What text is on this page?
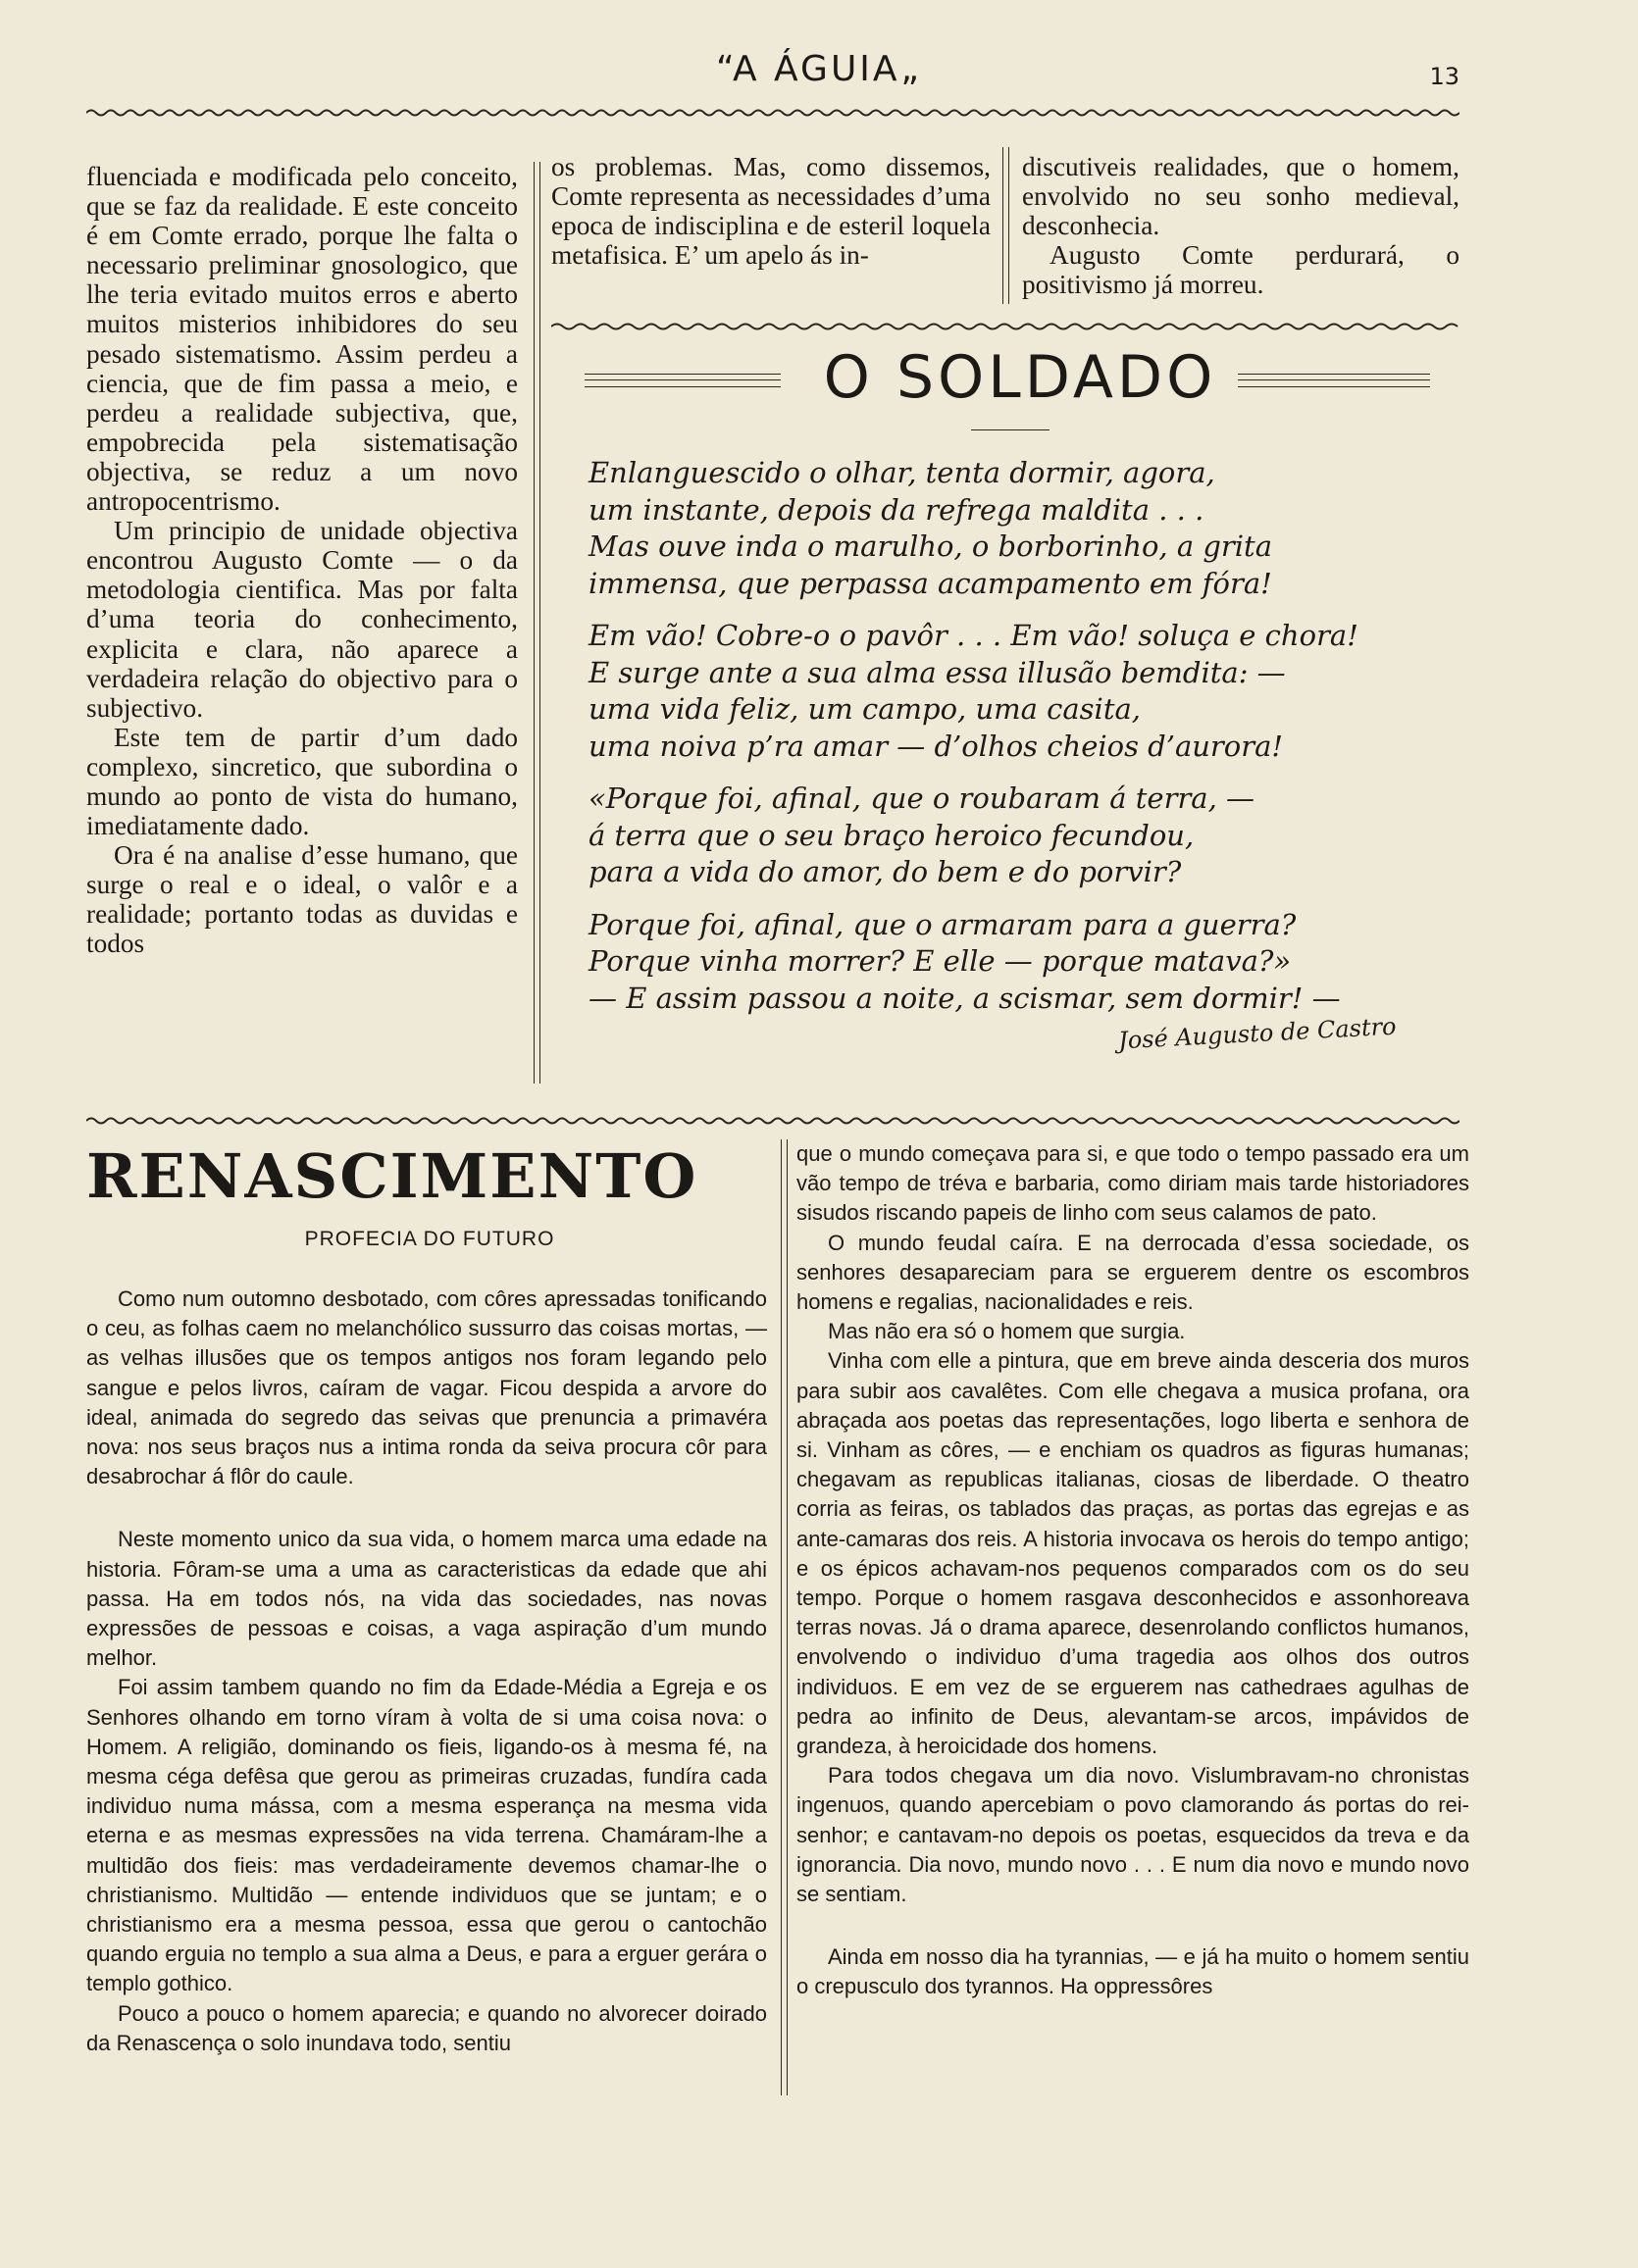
“A ÁGUIA„	13

fluenciada e modificada pelo conceito, que se faz da realidade. E este conceito é em Comte errado, porque lhe falta o necessario preliminar gnosologico, que lhe teria evitado muitos erros e aberto muitos misterios inhibidores do seu pesado sistematismo. Assim perdeu a ciencia, que de fim passa a meio, e perdeu a realidade subjectiva, que, empobrecida pela sistematisação objectiva, se reduz a um novo antropocentrismo.

Um principio de unidade objectiva encontrou Augusto Comte — o da metodologia cientifica. Mas por falta d’uma teoria do conhecimento, explicita e clara, não aparece a verdadeira relação do objectivo para o subjectivo.

Este tem de partir d’um dado complexo, sincretico, que subordina o mundo ao ponto de vista do humano, imediatamente dado.

Ora é na analise d’esse humano, que surge o real e o ideal, o valôr e a realidade; portanto todas as duvidas e todos

os problemas. Mas, como dissemos, Comte representa as necessidades d’uma epoca de indisciplina e de esteril loquela metafisica. E’ um apelo ás in-

discutiveis realidades, que o homem, envolvido no seu sonho medieval, desconhecia.

Augusto Comte perdurará, o positivismo já morreu.

O SOLDADO
Enlanguescido o olhar, tenta dormir, agora,
um instante, depois da refrega maldita . . .
Mas ouve inda o marulho, o borborinho, a grita
immensa, que perpassa acampamento em fóra!
Em vão! Cobre-o o pavôr . . . Em vão! soluça e chora!
E surge ante a sua alma essa illusão bemdita: —
uma vida feliz, um campo, uma casita,
uma noiva p’ra amar — d’olhos cheios d’aurora!
«Porque foi, afinal, que o roubaram á terra, —
á terra que o seu braço heroico fecundou,
para a vida do amor, do bem e do porvir?
Porque foi, afinal, que o armaram para a guerra?
Porque vinha morrer? E elle — porque matava?»
— E assim passou a noite, a scismar, sem dormir! —
José Augusto de Castro
RENASCIMENTO
PROFECIA DO FUTURO

Como num outomno desbotado, com côres apressadas tonificando o ceu, as folhas caem no melanchólico sussurro das coisas mortas, — as velhas illusões que os tempos antigos nos foram legando pelo sangue e pelos livros, caíram de vagar. Ficou despida a arvore do ideal, animada do segredo das seivas que prenuncia a primavéra nova: nos seus braços nus a intima ronda da seiva procura côr para desabrochar á flôr do caule.

Neste momento unico da sua vida, o homem marca uma edade na historia. Fôram-se uma a uma as caracteristicas da edade que ahi passa. Ha em todos nós, na vida das sociedades, nas novas expressões de pessoas e coisas, a vaga aspiração d’um mundo melhor.

Foi assim tambem quando no fim da Edade-Média a Egreja e os Senhores olhando em torno víram à volta de si uma coisa nova: o Homem. A religião, dominando os fieis, ligando-os à mesma fé, na mesma céga defêsa que gerou as primeiras cruzadas, fundíra cada individuo numa mássa, com a mesma esperança na mesma vida eterna e as mesmas expressões na vida terrena. Chamáram-lhe a multidão dos fieis: mas verdadeiramente devemos chamar-lhe o christianismo. Multidão — entende individuos que se juntam; e o christianismo era a mesma pessoa, essa que gerou o cantochão quando erguia no templo a sua alma a Deus, e para a erguer gerára o templo gothico.

Pouco a pouco o homem aparecia; e quando no alvorecer doirado da Renascença o solo inundava todo, sentiu

que o mundo começava para si, e que todo o tempo passado era um vão tempo de tréva e barbaria, como diriam mais tarde historiadores sisudos riscando papeis de linho com seus calamos de pato.

O mundo feudal caíra. E na derrocada d’essa sociedade, os senhores desapareciam para se erguerem dentre os escombros homens e regalias, nacionalidades e reis.

Mas não era só o homem que surgia.

Vinha com elle a pintura, que em breve ainda desceria dos muros para subir aos cavalêtes. Com elle chegava a musica profana, ora abraçada aos poetas das representações, logo liberta e senhora de si. Vinham as côres, — e enchiam os quadros as figuras humanas; chegavam as republicas italianas, ciosas de liberdade. O theatro corria as feiras, os tablados das praças, as portas das egrejas e as ante-camaras dos reis. A historia invocava os herois do tempo antigo; e os épicos achavam-nos pequenos comparados com os do seu tempo. Porque o homem rasgava desconhecidos e assonhoreava terras novas. Já o drama aparece, desenrolando conflictos humanos, envolvendo o individuo d’uma tragedia aos olhos dos outros individuos. E em vez de se erguerem nas cathedraes agulhas de pedra ao infinito de Deus, alevantam-se arcos, impávidos de grandeza, à heroicidade dos homens.

Para todos chegava um dia novo. Vislumbravam-no chronistas ingenuos, quando apercebiam o povo clamorando ás portas do rei-senhor; e cantavam-no depois os poetas, esquecidos da treva e da ignorancia. Dia novo, mundo novo . . . E num dia novo e mundo novo se sentiam.

Ainda em nosso dia ha tyrannias, — e já ha muito o homem sentiu o crepusculo dos tyrannos. Ha oppressôres
